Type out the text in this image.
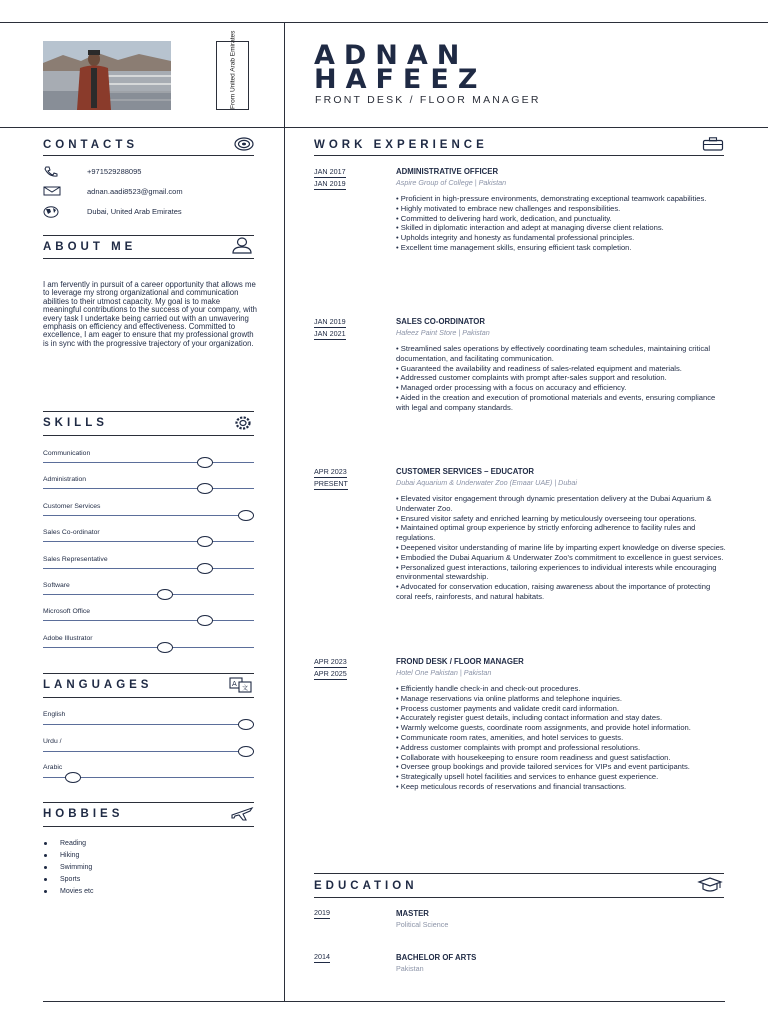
From United Arab Emirates	ADNAN
HAFEEZ
FRONT DESK / FLOOR MANAGER
CONTACTS
+971529288095
adnan.aadi8523@gmail.com
Dubai, United Arab Emirates
ABOUT ME
I am fervently in pursuit of a career opportunity that allows me to leverage my strong organizational and communication abilities to their utmost capacity. My goal is to make meaningful contributions to the success of your company, with every task I undertake being carried out with an unwavering emphasis on efficiency and effectiveness. Committed to excellence, I am eager to ensure that my professional growth is in sync with the progressive trajectory of your organization.
SKILLS
Communication
Administration
Customer Services
Sales Co-ordinator
Sales Representative
Software
Microsoft Office
Adobe Illustrator
LANGUAGES	A
文
English
Urdu /
Arabic
HOBBIES
Reading
Hiking
Swimming
Sports
Movies etc
WORK EXPERIENCE
JAN 2017
JAN 2019
ADMINISTRATIVE OFFICER
Aspire Group of College | Pakistan
• Proficient in high-pressure environments, demonstrating exceptional teamwork capabilities.
• Highly motivated to embrace new challenges and responsibilities.
• Committed to delivering hard work, dedication, and punctuality.
• Skilled in diplomatic interaction and adept at managing diverse client relations.
• Upholds integrity and honesty as fundamental professional principles.
• Excellent time management skills, ensuring efficient task completion.
JAN 2019
JAN 2021
SALES CO-ORDINATOR
Hafeez Paint Store | Pakistan
• Streamlined sales operations by effectively coordinating team schedules, maintaining critical documentation, and facilitating communication.
• Guaranteed the availability and readiness of sales-related equipment and materials.
• Addressed customer complaints with prompt after-sales support and resolution.
• Managed order processing with a focus on accuracy and efficiency.
• Aided in the creation and execution of promotional materials and events, ensuring compliance with legal and company standards.
APR 2023
PRESENT
CUSTOMER SERVICES – EDUCATOR
Dubai Aquarium & Underwater Zoo (Emaar UAE) | Dubai
• Elevated visitor engagement through dynamic presentation delivery at the Dubai Aquarium & Underwater Zoo.
• Ensured visitor safety and enriched learning by meticulously overseeing tour operations.
• Maintained optimal group experience by strictly enforcing adherence to facility rules and regulations.
• Deepened visitor understanding of marine life by imparting expert knowledge on diverse species.
• Embodied the Dubai Aquarium & Underwater Zoo's commitment to excellence in guest services.
• Personalized guest interactions, tailoring experiences to individual interests while encouraging environmental stewardship.
• Advocated for conservation education, raising awareness about the importance of protecting coral reefs, rainforests, and natural habitats.
APR 2023
APR 2025
FROND DESK / FLOOR MANAGER
Hotel One Pakistan | Pakistan
• Efficiently handle check-in and check-out procedures.
• Manage reservations via online platforms and telephone inquiries.
• Process customer payments and validate credit card information.
• Accurately register guest details, including contact information and stay dates.
• Warmly welcome guests, coordinate room assignments, and provide hotel information.
• Communicate room rates, amenities, and hotel services to guests.
• Address customer complaints with prompt and professional resolutions.
• Collaborate with housekeeping to ensure room readiness and guest satisfaction.
• Oversee group bookings and provide tailored services for VIPs and event participants.
• Strategically upsell hotel facilities and services to enhance guest experience.
• Keep meticulous records of reservations and financial transactions.
EDUCATION
2019	MASTER
Political Science
2014	BACHELOR OF ARTS
Pakistan
